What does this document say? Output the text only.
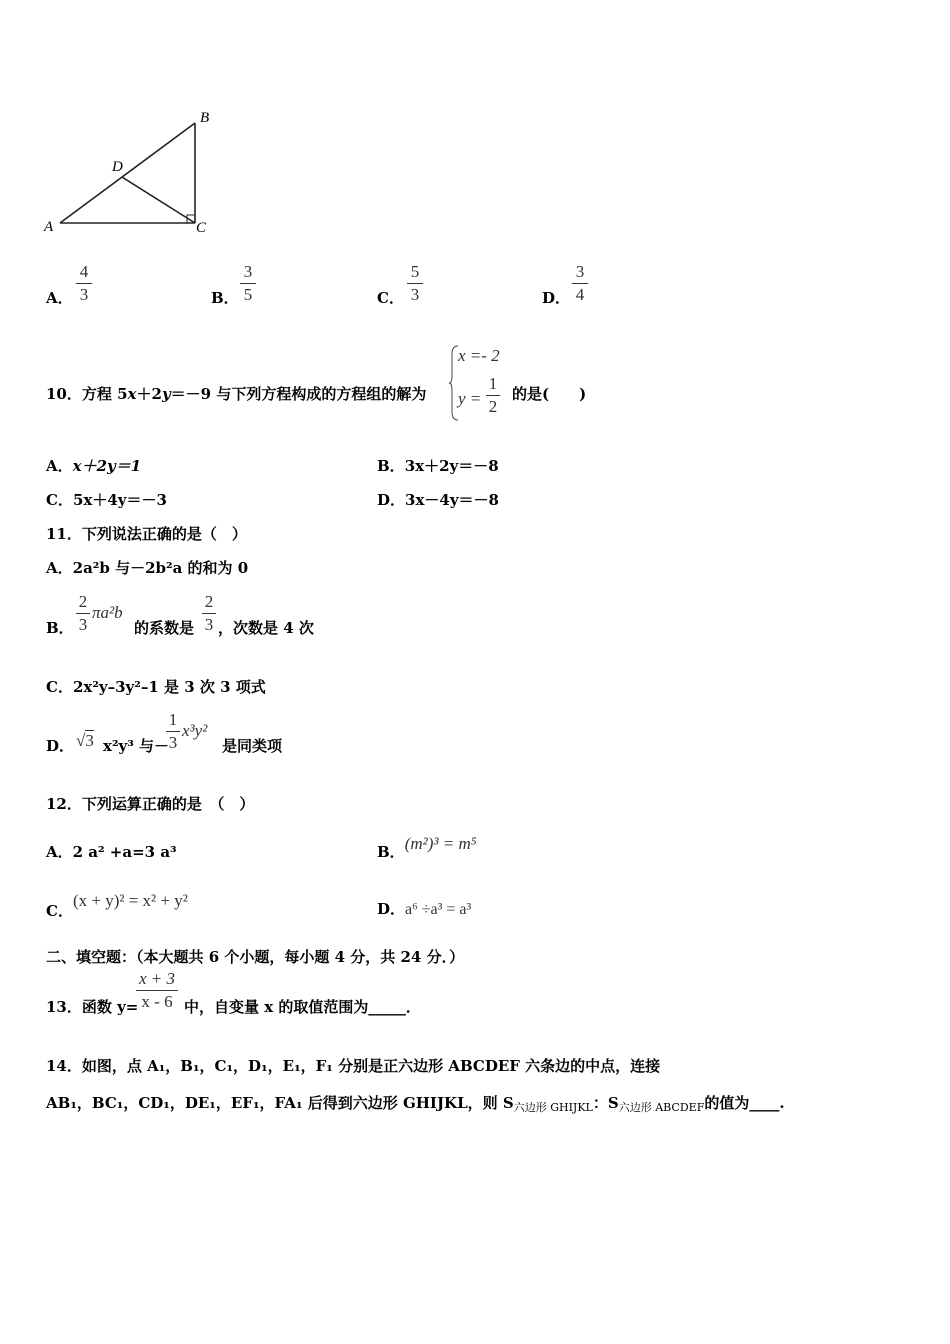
A
B
C
D
A．
4
3	B．
3
5	C．
5
3	D．
3
4
10．方程 5x＋2y＝－9 与下列方程构成的方程组的解为
x =- 2
y =
1
2
的是(　　)
A．x＋2y＝1	B．3x＋2y＝－8
C．5x＋4y＝－3	D．3x－4y＝－8
11．下列说法正确的是（　）
A．2a²b 与－2b²a 的和为 0
B．
2
3
πa²b
的系数是
2
3 ，次数是 4 次
C．2x²y–3y²–1 是 3 次 3 项式
D． √3 x²y³ 与－
1
3
x³y²
是同类项
12．下列运算正确的是　（　）
A．2 a² +a=3 a³	B．(m²)³ = m⁵
C．(x + y)² = x² + y²	D．a⁶ ÷a³ = a³
二、填空题：（本大题共 6 个小题，每小题 4 分，共 24 分．）
13．函数 y=
x + 3
x - 6 中，自变量 x 的取值范围为_____．
14．如图，点 A₁，B₁，C₁，D₁，E₁，F₁ 分别是正六边形 ABCDEF 六条边的中点，连接
AB₁，BC₁，CD₁，DE₁，EF₁，FA₁ 后得到六边形 GHIJKL，则 $S_{六边形 GHIJKL}$：$S_{六边形 ABCDEF}$的值为____.
